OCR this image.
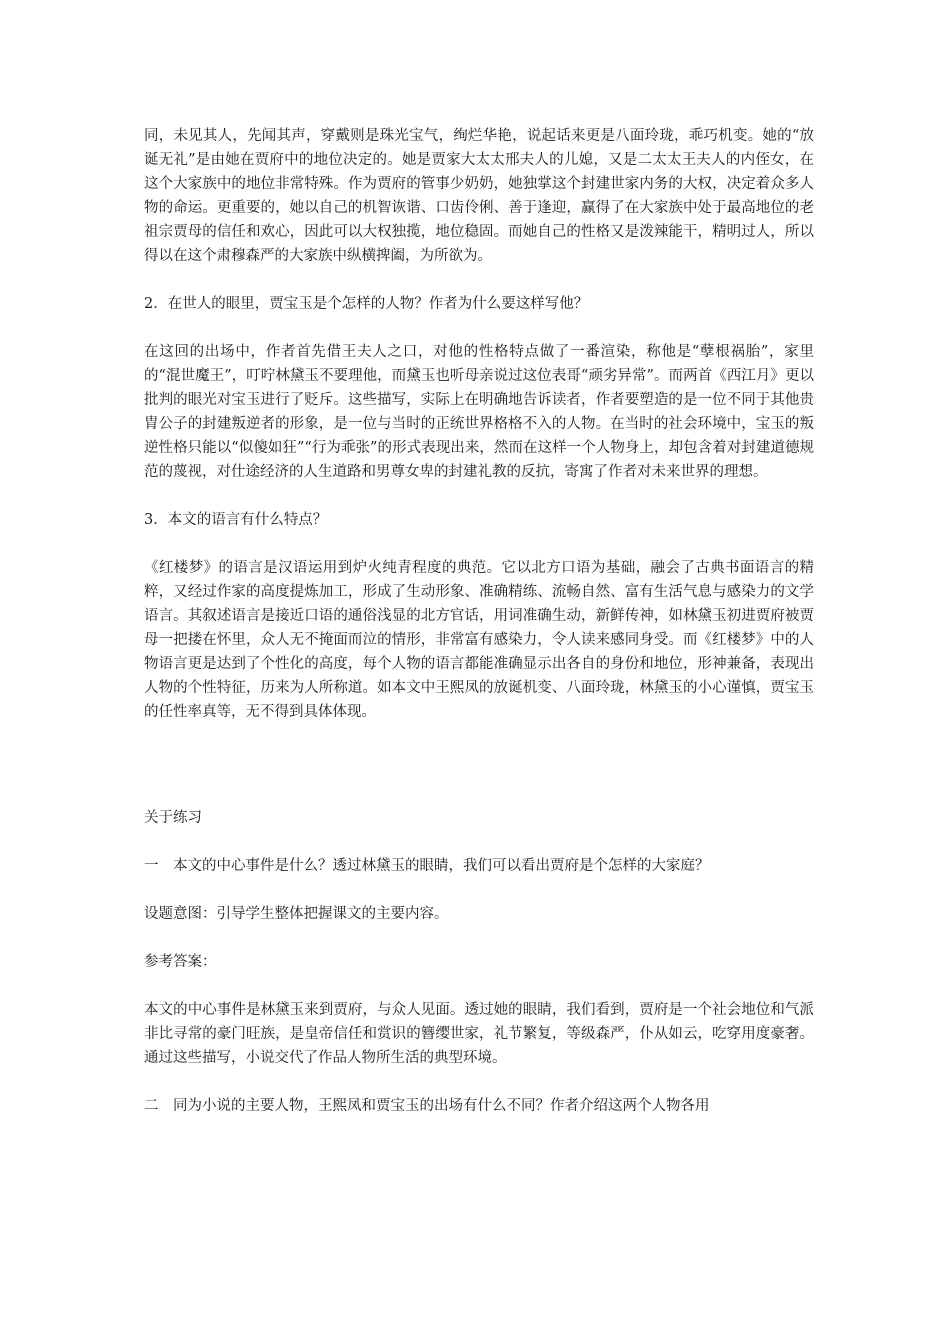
同，未见其人，先闻其声，穿戴则是珠光宝气，绚烂华艳，说起话来更是八面玲珑，乖巧机变。她的“放诞无礼”是由她在贾府中的地位决定的。她是贾家大太太邢夫人的儿媳，又是二太太王夫人的内侄女，在这个大家族中的地位非常特殊。作为贾府的管事少奶奶，她独掌这个封建世家内务的大权，决定着众多人物的命运。更重要的，她以自己的机智诙谐、口齿伶俐、善于逢迎，赢得了在大家族中处于最高地位的老祖宗贾母的信任和欢心，因此可以大权独揽，地位稳固。而她自己的性格又是泼辣能干，精明过人，所以得以在这个肃穆森严的大家族中纵横捭阖，为所欲为。

2．在世人的眼里，贾宝玉是个怎样的人物？作者为什么要这样写他？

在这回的出场中，作者首先借王夫人之口，对他的性格特点做了一番渲染，称他是“孽根祸胎”，家里的“混世魔王”，叮咛林黛玉不要理他，而黛玉也听母亲说过这位表哥“顽劣异常”。而两首《西江月》更以批判的眼光对宝玉进行了贬斥。这些描写，实际上在明确地告诉读者，作者要塑造的是一位不同于其他贵胄公子的封建叛逆者的形象，是一位与当时的正统世界格格不入的人物。在当时的社会环境中，宝玉的叛逆性格只能以“似傻如狂”“行为乖张”的形式表现出来，然而在这样一个人物身上，却包含着对封建道德规范的蔑视，对仕途经济的人生道路和男尊女卑的封建礼教的反抗，寄寓了作者对未来世界的理想。

3．本文的语言有什么特点？

《红楼梦》的语言是汉语运用到炉火纯青程度的典范。它以北方口语为基础，融会了古典书面语言的精粹，又经过作家的高度提炼加工，形成了生动形象、准确精练、流畅自然、富有生活气息与感染力的文学语言。其叙述语言是接近口语的通俗浅显的北方官话，用词准确生动，新鲜传神，如林黛玉初进贾府被贾母一把搂在怀里，众人无不掩面而泣的情形，非常富有感染力，令人读来感同身受。而《红楼梦》中的人物语言更是达到了个性化的高度，每个人物的语言都能准确显示出各自的身份和地位，形神兼备，表现出人物的个性特征，历来为人所称道。如本文中王熙凤的放诞机变、八面玲珑，林黛玉的小心谨慎，贾宝玉的任性率真等，无不得到具体体现。

关于练习

一　本文的中心事件是什么？透过林黛玉的眼睛，我们可以看出贾府是个怎样的大家庭？

设题意图：引导学生整体把握课文的主要内容。

参考答案：

本文的中心事件是林黛玉来到贾府，与众人见面。透过她的眼睛，我们看到，贾府是一个社会地位和气派非比寻常的豪门旺族，是皇帝信任和赏识的簪缨世家，礼节繁复，等级森严，仆从如云，吃穿用度豪奢。通过这些描写，小说交代了作品人物所生活的典型环境。

二　同为小说的主要人物，王熙凤和贾宝玉的出场有什么不同？作者介绍这两个人物各用
